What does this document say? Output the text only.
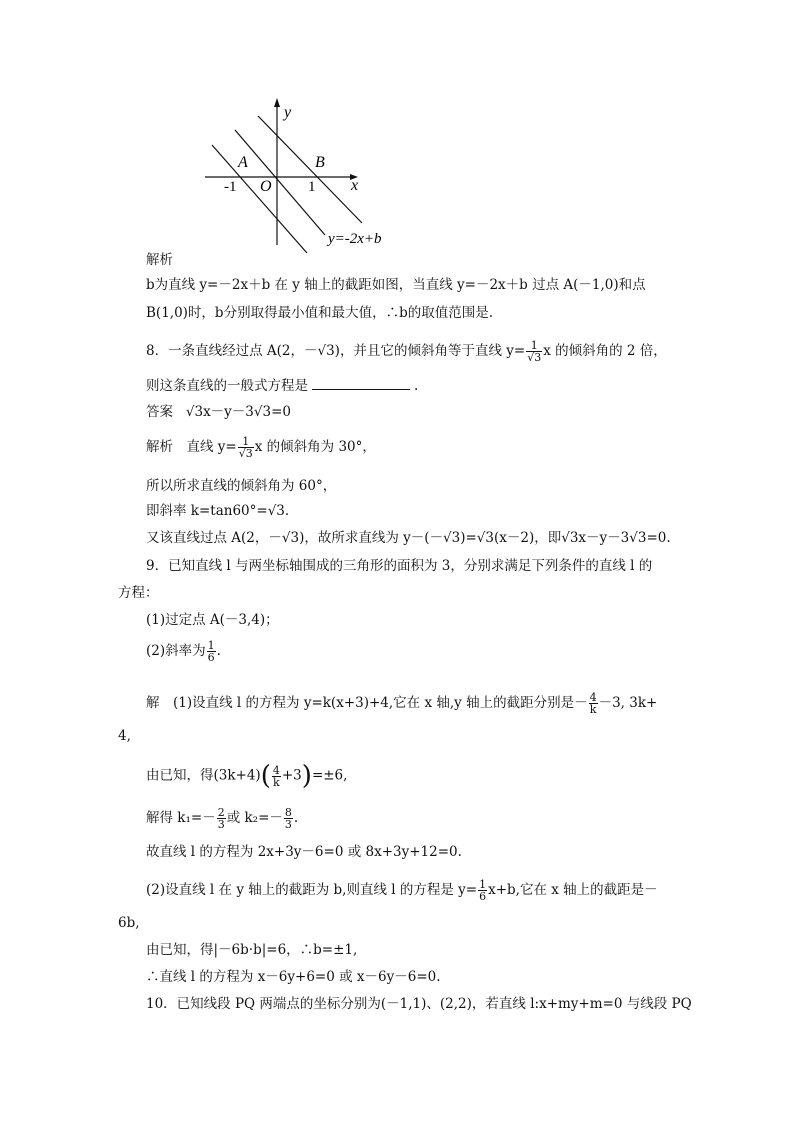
y
x
A	B
O
-1	1
y=-2x+b
解析
b为直线 y=－2x＋b 在 y 轴上的截距如图，当直线 y=－2x＋b 过点 A(－1,0)和点
B(1,0)时，b分别取得最小值和最大值，∴b的取值范围是.
8．一条直线经过点 A(2，－√3)，并且它的倾斜角等于直线 $y= \frac{1}{√3}$ x 的倾斜角的 2 倍，
则这条直线的一般式方程是	.
答案 √3x－y－3√3=0
解析　直线 $y= \frac{1}{√3}$ x 的倾斜角为 30°，
所以所求直线的倾斜角为 60°，
即斜率 k=tan60°=√3.
又该直线过点 A(2，－√3)，故所求直线为 y－(－√3)=√3(x－2)，即√3x－y－3√3=0.
9．已知直线 l 与两坐标轴围成的三角形的面积为 3，分别求满足下列条件的直线 l 的
方程：
(1)过定点 A(－3,4)；
(2)斜率为 $\frac{1}{6}$ .
解　(1)设直线 l 的方程为 y=k(x+3)+4,它在 x 轴,y 轴上的截距分别是－ $\frac{4}{k} -3$, 3k+
4,
由已知，得$(3k+4)( \frac{4}{k} +3)=\pm 6$,
解得 $k_1=- \frac{2}{3}$ 或 $k_2=- \frac{8}{3}$ .
故直线 l 的方程为 2x+3y－6=0 或 8x+3y+12=0.
(2)设直线 l 在 y 轴上的截距为 b,则直线 l 的方程是 $y= \frac{1}{6} x+b$,它在 x 轴上的截距是－
6b,
由已知，得|－6b·b|=6，∴b=±1,
∴直线 l 的方程为 x－6y+6=0 或 x－6y－6=0.
10．已知线段 PQ 两端点的坐标分别为(－1,1)、(2,2)，若直线 l:x+my+m=0 与线段 PQ
